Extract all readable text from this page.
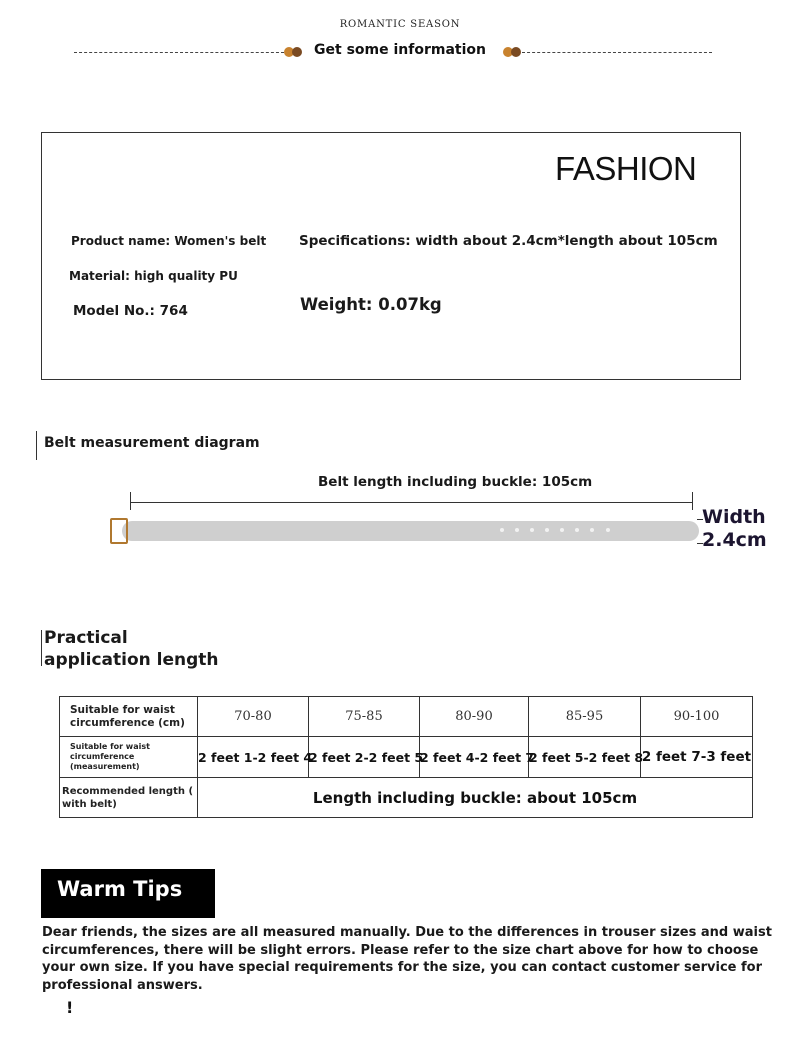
ROMANTIC SEASON
Get some information
FASHION
Product name: Women's belt Specifications: width about 2.4cm*length about 105cm
Material: high quality PU
Model No.: 764	Weight: 0.07kg
Belt measurement diagram
Belt length including buckle: 105cm
Width
2.4cm
Practical
application length
Suitable for waist circumference (cm)	70-80	75-85	80-90	85-95	90-100
Suitable for waist circumference (measurement)	2 feet 1-2 feet 4	2 feet 2-2 feet 5	2 feet 4-2 feet 7	2 feet 5-2 feet 8	2 feet 7-3 feet
Recommended length ( with belt)	Length including buckle: about 105cm				
Warm Tips
Dear friends, the sizes are all measured manually. Due to the differences in trouser sizes and waist circumferences, there will be slight errors. Please refer to the size chart above for how to choose your own size. If you have special requirements for the size, you can contact customer service for professional answers.
!
